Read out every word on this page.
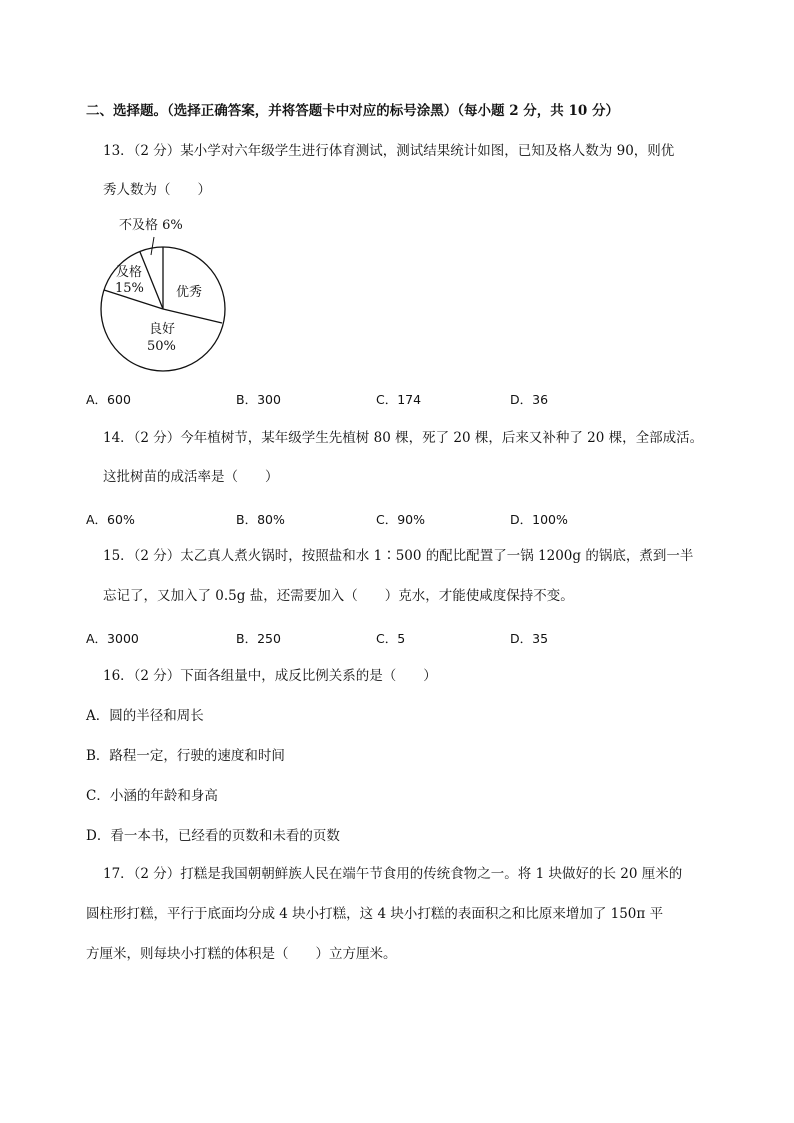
二、选择题。（选择正确答案，并将答题卡中对应的标号涂黑）（每小题 2 分，共 10 分）
13．（2 分）某小学对六年级学生进行体育测试，测试结果统计如图，已知及格人数为 90，则优
秀人数为（　　）
不及格 6%
及格
15% 优秀
良好
50%
A．600	B．300	C．174	D．36
14．（2 分）今年植树节，某年级学生先植树 80 棵，死了 20 棵，后来又补种了 20 棵，全部成活。
这批树苗的成活率是（　　）
A．60%	B．80%	C．90%	D．100%
15．（2 分）太乙真人煮火锅时，按照盐和水 1∶500 的配比配置了一锅 1200g 的锅底，煮到一半
忘记了，又加入了 0.5g 盐，还需要加入（　　）克水，才能使咸度保持不变。
A．3000	B．250	C．5	D．35
16．（2 分）下面各组量中，成反比例关系的是（　　）
A．圆的半径和周长
B．路程一定，行驶的速度和时间
C．小涵的年龄和身高
D．看一本书，已经看的页数和未看的页数
17．（2 分）打糕是我国朝朝鲜族人民在端午节食用的传统食物之一。将 1 块做好的长 20 厘米的
圆柱形打糕，平行于底面均分成 4 块小打糕，这 4 块小打糕的表面积之和比原来增加了 150π 平
方厘米，则每块小打糕的体积是（　　）立方厘米。
